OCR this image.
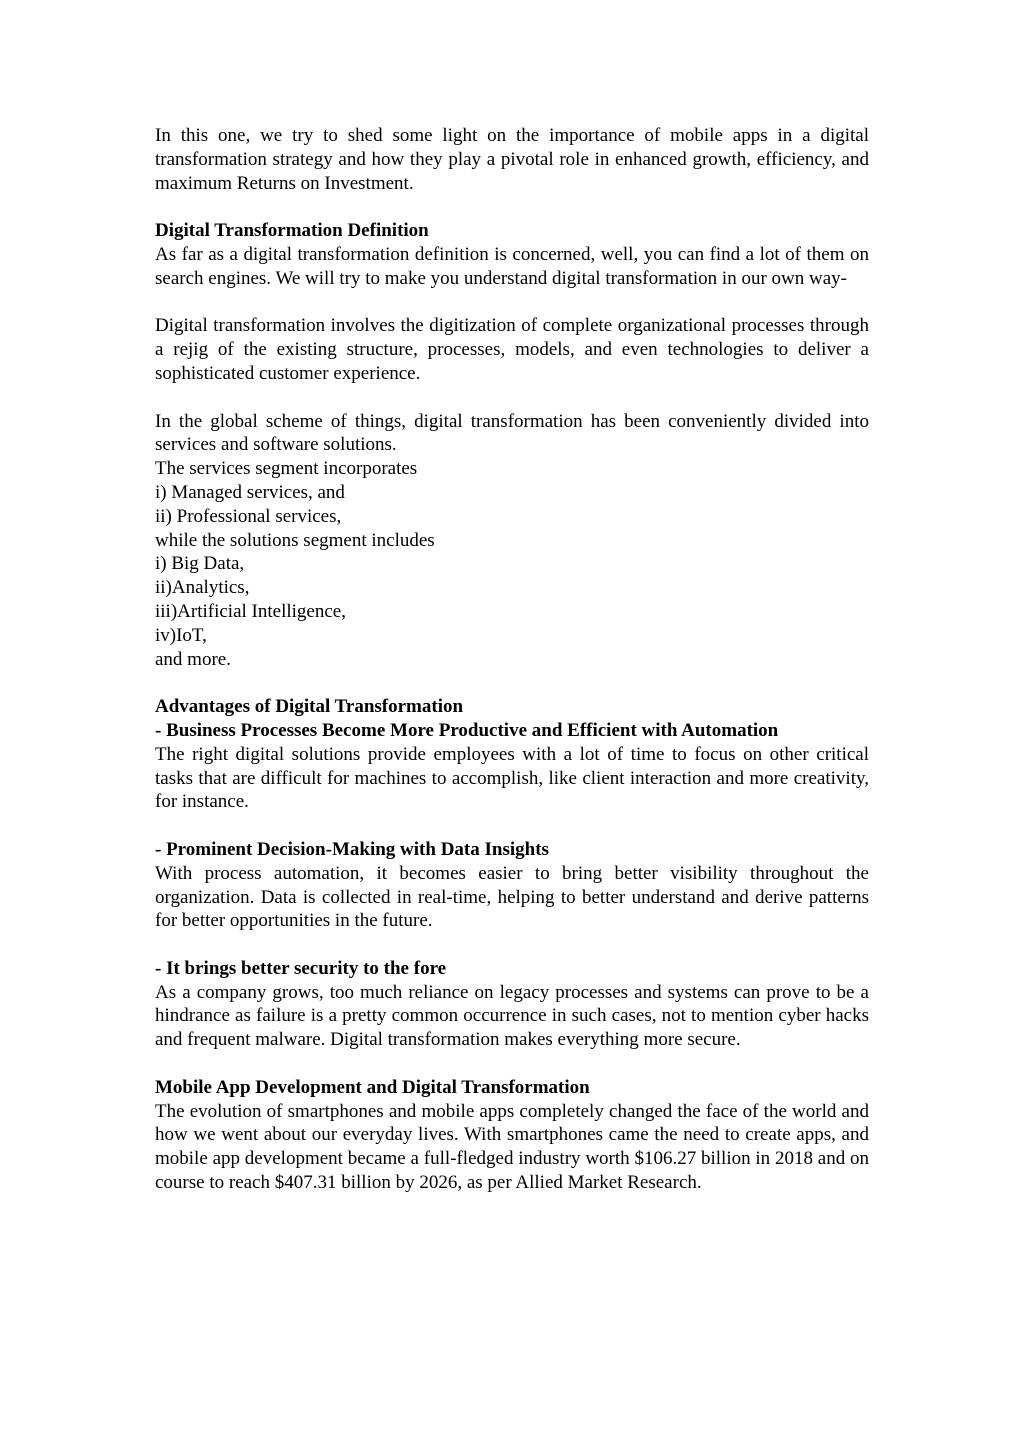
In this one, we try to shed some light on the importance of mobile apps in a digital transformation strategy and how they play a pivotal role in enhanced growth, efficiency, and maximum Returns on Investment.

Digital Transformation Definition
As far as a digital transformation definition is concerned, well, you can find a lot of them on search engines. We will try to make you understand digital transformation in our own way-

Digital transformation involves the digitization of complete organizational processes through a rejig of the existing structure, processes, models, and even technologies to deliver a sophisticated customer experience.

In the global scheme of things, digital transformation has been conveniently divided into services and software solutions.
The services segment incorporates
i) Managed services, and
ii) Professional services,
while the solutions segment includes
i) Big Data,
ii)Analytics,
iii)Artificial Intelligence,
iv)IoT,
and more.
Advantages of Digital Transformation
- Business Processes Become More Productive and Efficient with Automation
The right digital solutions provide employees with a lot of time to focus on other critical tasks that are difficult for machines to accomplish, like client interaction and more creativity, for instance.
- Prominent Decision-Making with Data Insights
With process automation, it becomes easier to bring better visibility throughout the organization. Data is collected in real-time, helping to better understand and derive patterns for better opportunities in the future.
- It brings better security to the fore
As a company grows, too much reliance on legacy processes and systems can prove to be a hindrance as failure is a pretty common occurrence in such cases, not to mention cyber hacks and frequent malware. Digital transformation makes everything more secure.
Mobile App Development and Digital Transformation
The evolution of smartphones and mobile apps completely changed the face of the world and how we went about our everyday lives. With smartphones came the need to create apps, and mobile app development became a full-fledged industry worth $106.27 billion in 2018 and on course to reach $407.31 billion by 2026, as per Allied Market Research.
